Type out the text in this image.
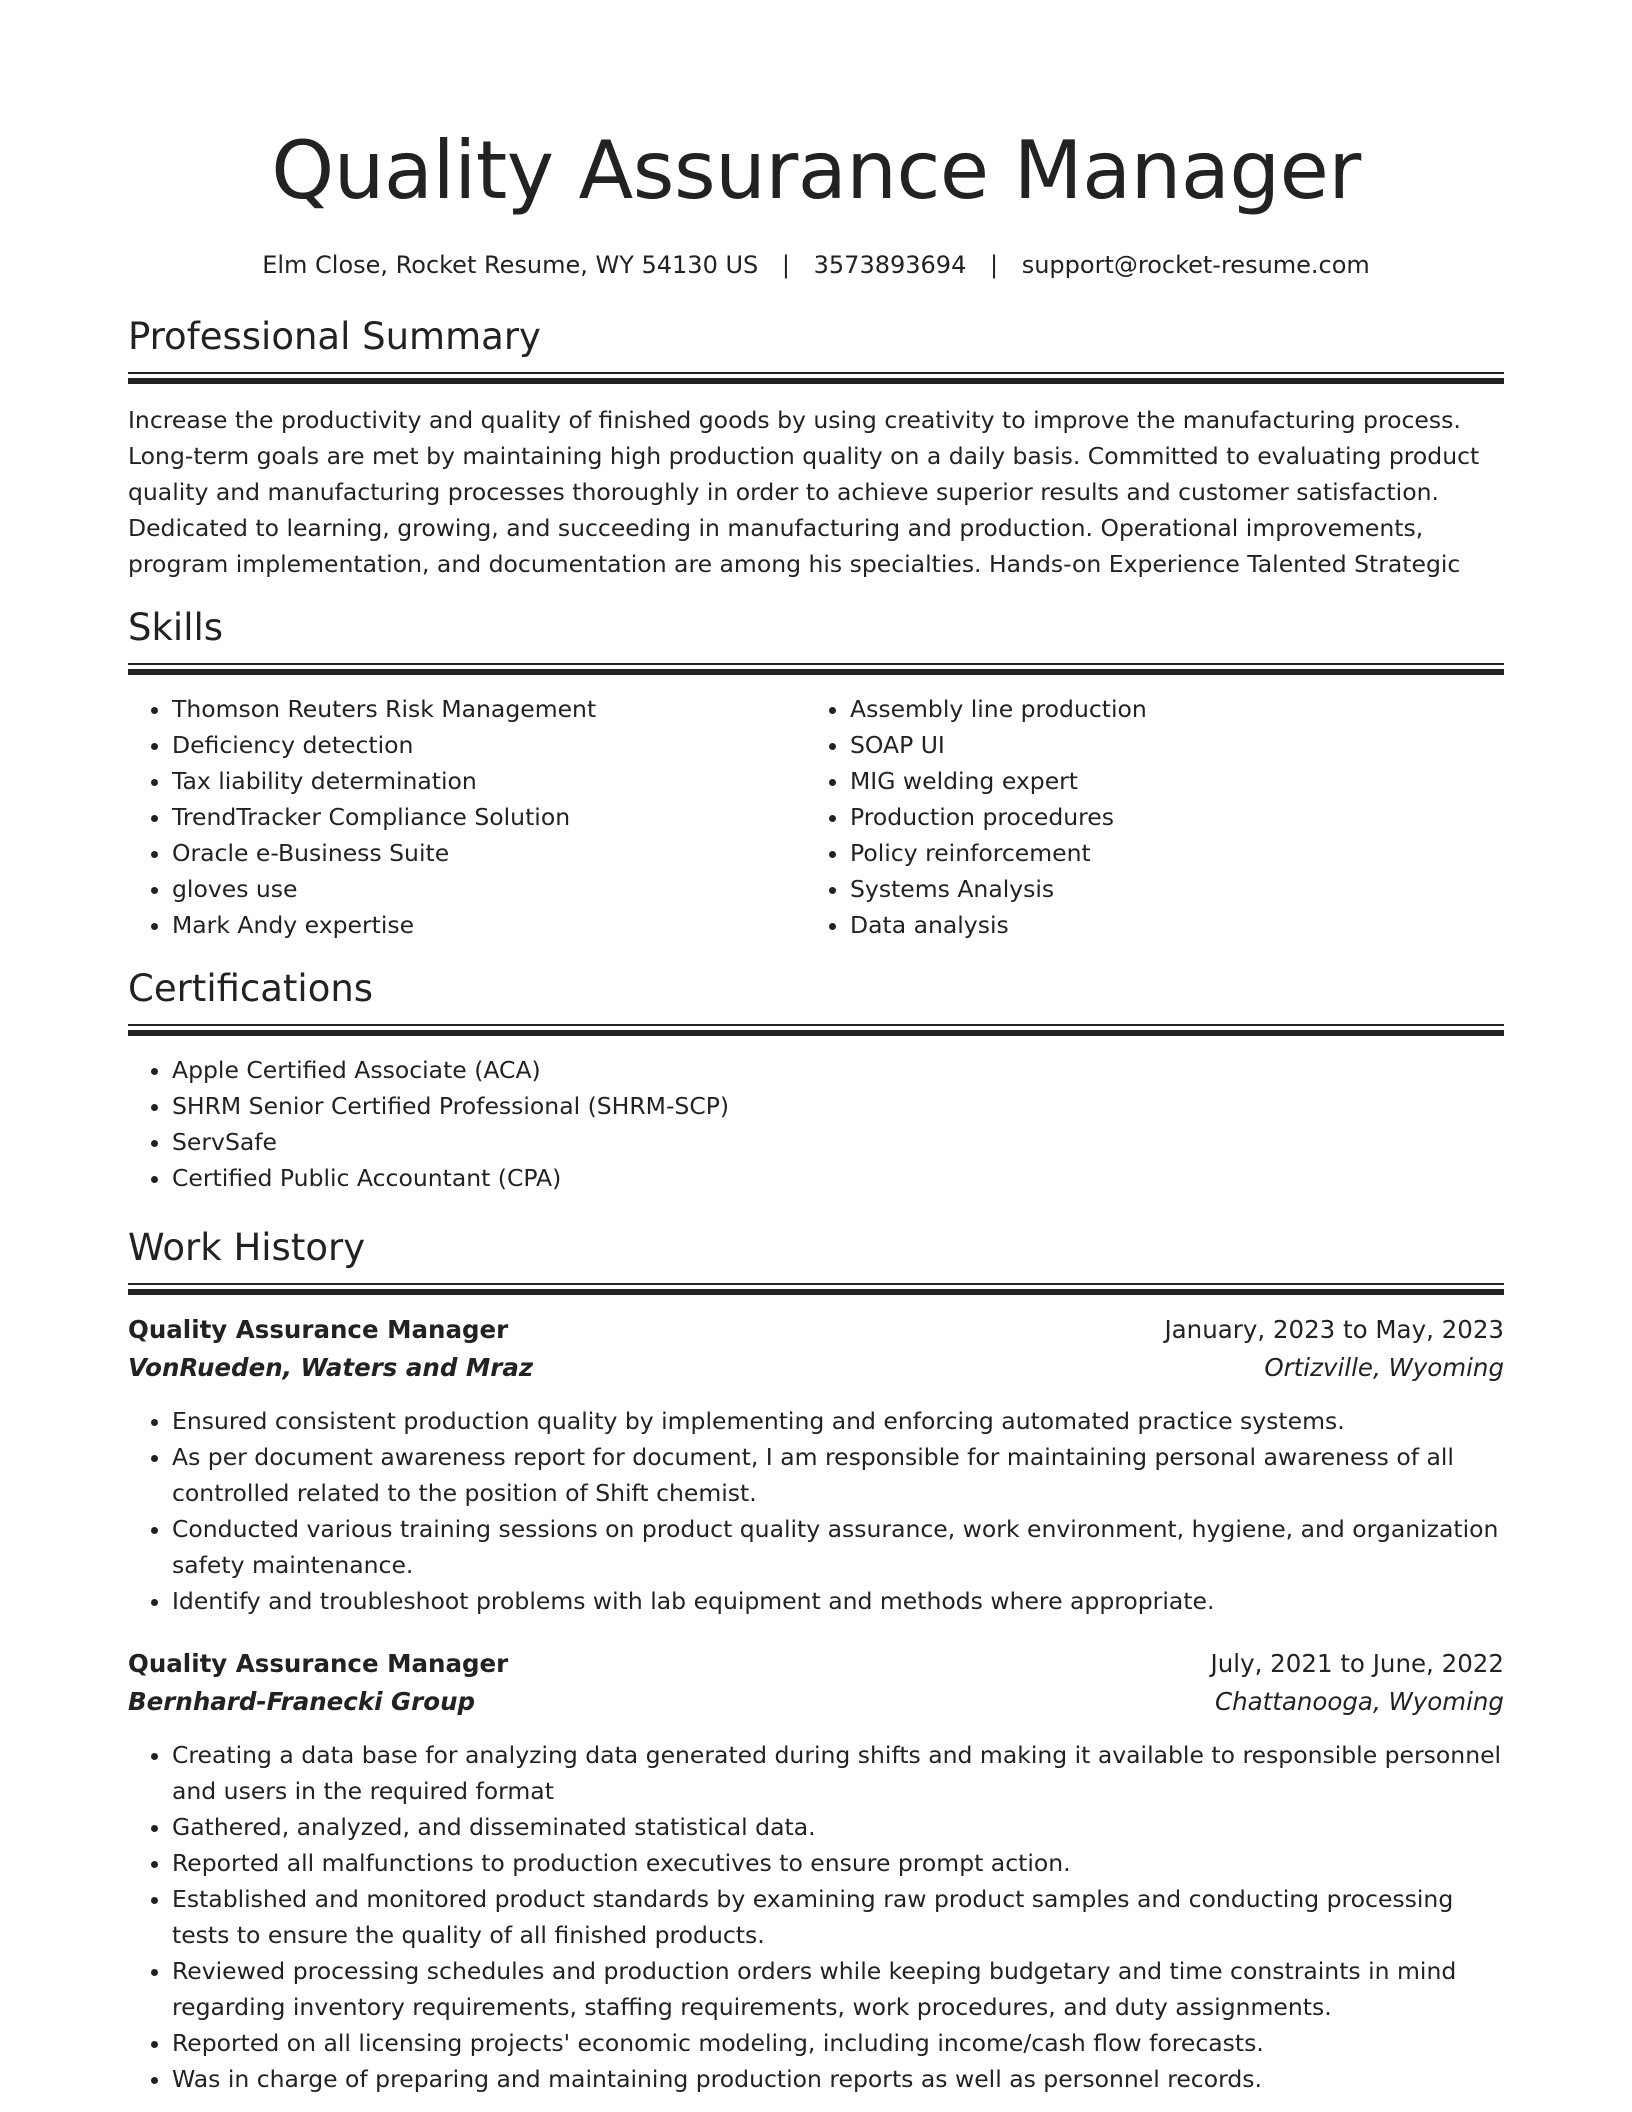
Quality Assurance Manager
Elm Close, Rocket Resume, WY 54130 US | 3573893694 | support@rocket-resume.com
Professional Summary
Increase the productivity and quality of finished goods by using creativity to improve the manufacturing process. Long-term goals are met by maintaining high production quality on a daily basis. Committed to evaluating product quality and manufacturing processes thoroughly in order to achieve superior results and customer satisfaction. Dedicated to learning, growing, and succeeding in manufacturing and production. Operational improvements, program implementation, and documentation are among his specialties. Hands-on Experience Talented Strategic
Skills
• Thomson Reuters Risk Management
• Deficiency detection
• Tax liability determination
• TrendTracker Compliance Solution
• Oracle e-Business Suite
• gloves use
• Mark Andy expertise
• Assembly line production
• SOAP UI
• MIG welding expert
• Production procedures
• Policy reinforcement
• Systems Analysis
• Data analysis
Certifications
• Apple Certified Associate (ACA)
• SHRM Senior Certified Professional (SHRM-SCP)
• ServSafe
• Certified Public Accountant (CPA)
Work History
Quality Assurance Manager	January, 2023 to May, 2023
VonRueden, Waters and Mraz	Ortizville, Wyoming
• Ensured consistent production quality by implementing and enforcing automated practice systems.
• As per document awareness report for document, I am responsible for maintaining personal awareness of all controlled related to the position of Shift chemist.
• Conducted various training sessions on product quality assurance, work environment, hygiene, and organization safety maintenance.
• Identify and troubleshoot problems with lab equipment and methods where appropriate.
Quality Assurance Manager	July, 2021 to June, 2022
Bernhard-Franecki Group	Chattanooga, Wyoming
• Creating a data base for analyzing data generated during shifts and making it available to responsible personnel and users in the required format
• Gathered, analyzed, and disseminated statistical data.
• Reported all malfunctions to production executives to ensure prompt action.
• Established and monitored product standards by examining raw product samples and conducting processing tests to ensure the quality of all finished products.
• Reviewed processing schedules and production orders while keeping budgetary and time constraints in mind regarding inventory requirements, staffing requirements, work procedures, and duty assignments.
• Reported on all licensing projects' economic modeling, including income/cash flow forecasts.
• Was in charge of preparing and maintaining production reports as well as personnel records.
